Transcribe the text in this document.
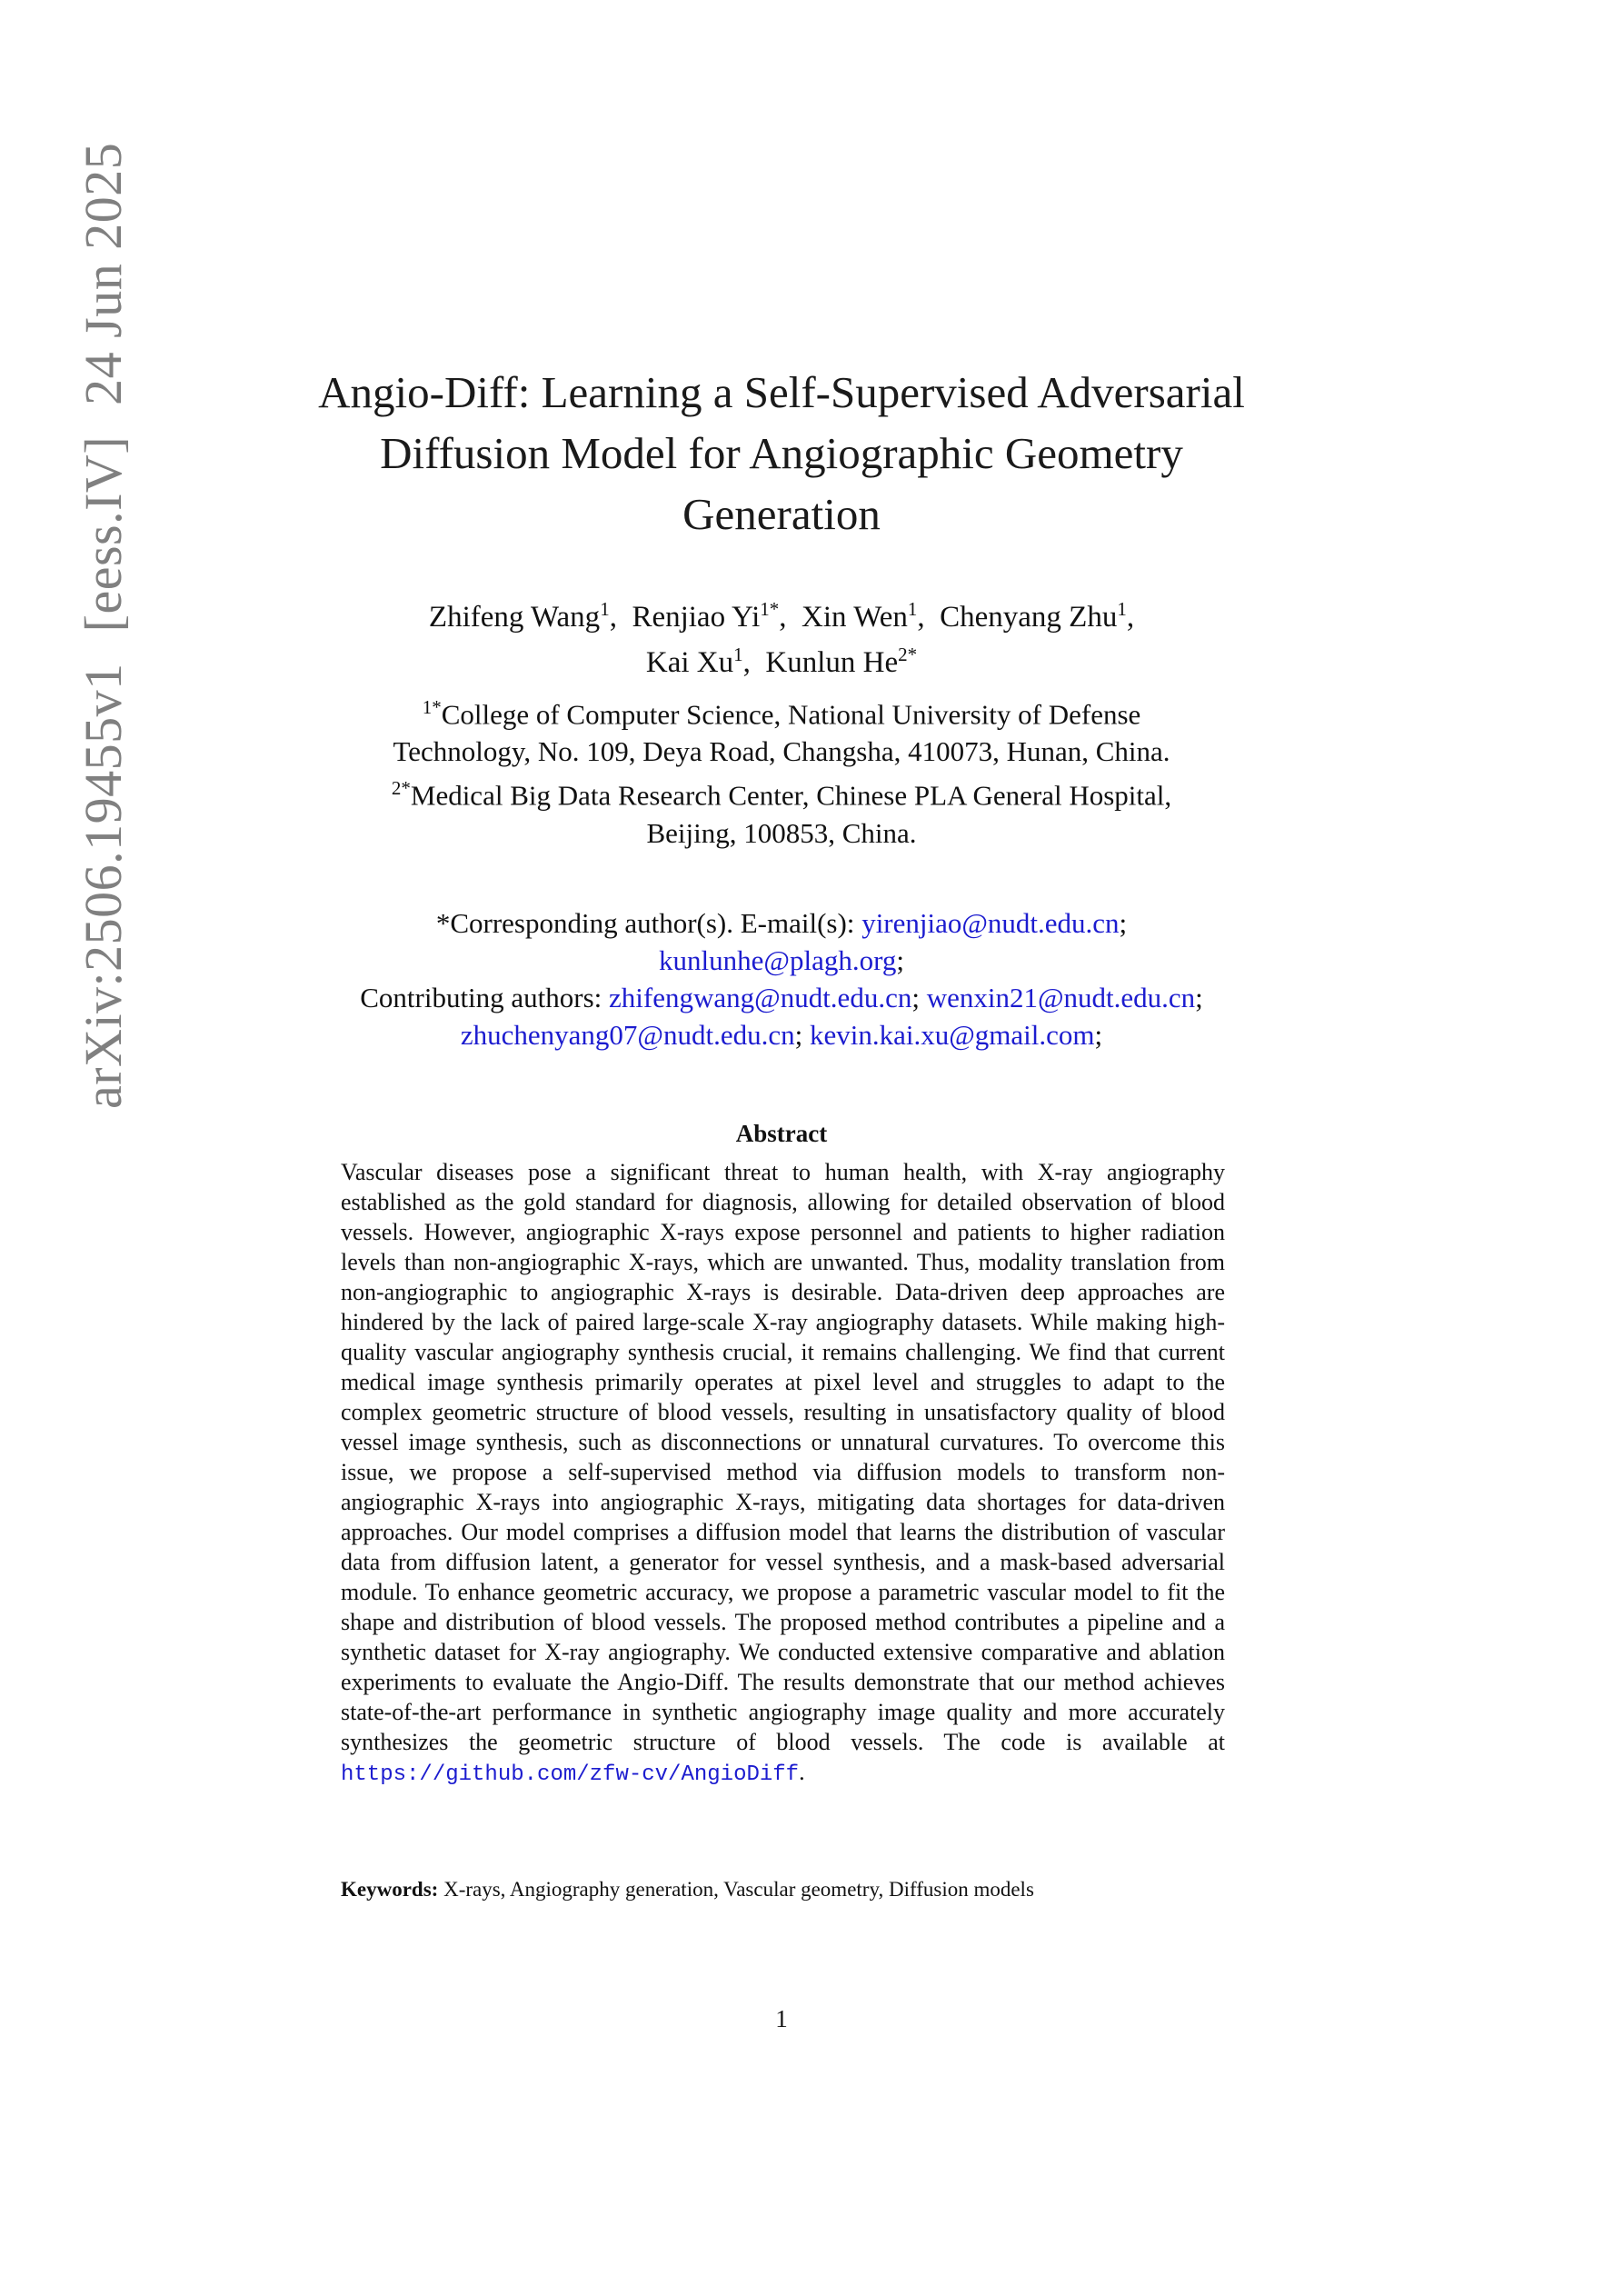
arXiv:2506.19455v1[eess.IV]24 Jun 2025	Angio-Diff: Learning a Self-Supervised Adversarial
Diffusion Model for Angiographic Geometry
Generation
Zhifeng Wang$^1$, Renjiao $Yi^{1*}$, Xin Wen$^1$, Chenyang Zhu$^1$,
Kai Xu$^1$, Kunlun $He^{2*}$
$^{1*}$College of Computer Science, National University of Defense
Technology, No. 109, Deya Road, Changsha, 410073, Hunan, China.
$^{2*}$Medical Big Data Research Center, Chinese PLA General Hospital,
Beijing, 100853, China.
*Corresponding author(s). E-mail(s): yirenjiao@nudt.edu.cn;
kunlunhe@plagh.org;
Contributing authors: zhifengwang@nudt.edu.cn; wenxin21@nudt.edu.cn;
zhuchenyang07@nudt.edu.cn; kevin.kai.xu@gmail.com;
Abstract
Vascular diseases pose a significant threat to human health, with X-ray angiography established as the gold standard for diagnosis, allowing for detailed observation of blood vessels. However, angiographic X-rays expose personnel and patients to higher radiation levels than non-angiographic X-rays, which are unwanted. Thus, modality translation from non-angiographic to angiographic X-rays is desirable. Data-driven deep approaches are hindered by the lack of paired large-scale X-ray angiography datasets. While making high-quality vascular angiography synthesis crucial, it remains challenging. We find that current medical image synthesis primarily operates at pixel level and struggles to adapt to the complex geometric structure of blood vessels, resulting in unsatisfactory quality of blood vessel image synthesis, such as disconnections or unnatural curvatures. To overcome this issue, we propose a self-supervised method via diffusion models to transform non-angiographic X-rays into angiographic X-rays, mitigating data shortages for data-driven approaches. Our model comprises a diffusion model that learns the distribution of vascular data from diffusion latent, a generator for vessel synthesis, and a mask-based adversarial module. To enhance geometric accuracy, we propose a parametric vascular model to fit the shape and distribution of blood vessels. The proposed method contributes a pipeline and a synthetic dataset for X-ray angiography. We conducted extensive comparative and ablation experiments to evaluate the Angio-Diff. The results demonstrate that our method achieves state-of-the-art performance in synthetic angiography image quality and more accurately synthesizes the geometric structure of blood vessels. The code is available at https://github.com/zfw-cv/AngioDiff.
Keywords: X-rays, Angiography generation, Vascular geometry, Diffusion models
1
